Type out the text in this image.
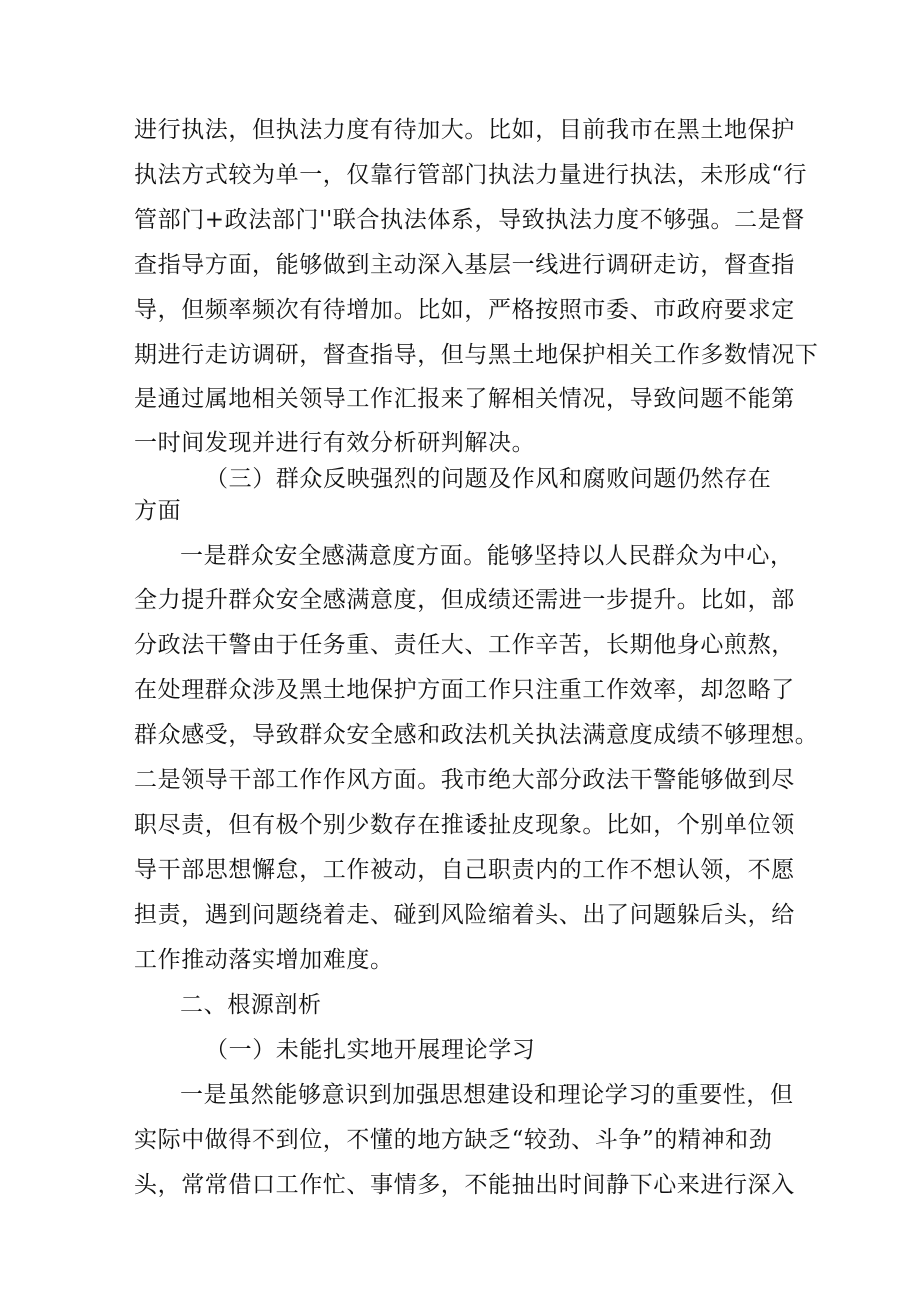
进行执法，但执法力度有待加大。比如，目前我市在黑土地保护
执法方式较为单一，仅靠行管部门执法力量进行执法，未形成“行
管部门+政法部门''联合执法体系，导致执法力度不够强。二是督
查指导方面，能够做到主动深入基层一线进行调研走访，督查指
导，但频率频次有待增加。比如，严格按照市委、市政府要求定
期进行走访调研，督查指导，但与黑土地保护相关工作多数情况下
是通过属地相关领导工作汇报来了解相关情况，导致问题不能第
一时间发现并进行有效分析研判解决。
（三）群众反映强烈的问题及作风和腐败问题仍然存在
方面
一是群众安全感满意度方面。能够坚持以人民群众为中心，
全力提升群众安全感满意度，但成绩还需进一步提升。比如，部
分政法干警由于任务重、责任大、工作辛苦，长期他身心煎熬，
在处理群众涉及黑土地保护方面工作只注重工作效率，却忽略了
群众感受，导致群众安全感和政法机关执法满意度成绩不够理想。
二是领导干部工作作风方面。我市绝大部分政法干警能够做到尽
职尽责，但有极个别少数存在推诿扯皮现象。比如，个别单位领
导干部思想懈怠，工作被动，自己职责内的工作不想认领，不愿
担责，遇到问题绕着走、碰到风险缩着头、出了问题躲后头，给
工作推动落实增加难度。
二、根源剖析
（一）未能扎实地开展理论学习
一是虽然能够意识到加强思想建设和理论学习的重要性，但
实际中做得不到位，不懂的地方缺乏“较劲、斗争”的精神和劲
头，常常借口工作忙、事情多，不能抽出时间静下心来进行深入
